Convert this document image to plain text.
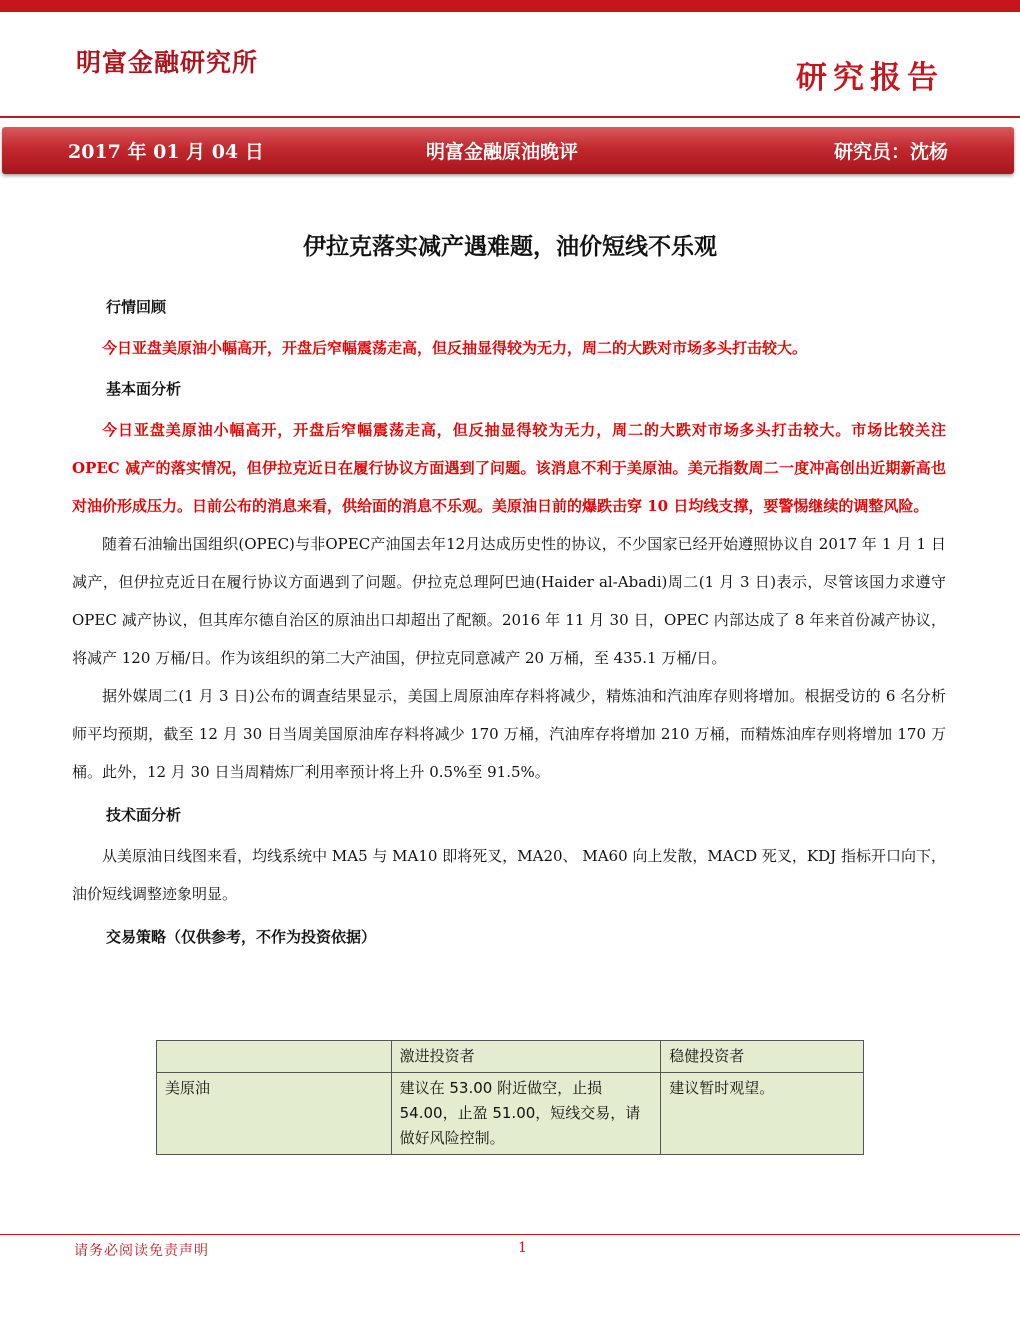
明富金融研究所	研究报告
2017 年 01 月 04 日	明富金融原油晚评	研究员：沈杨
伊拉克落实减产遇难题，油价短线不乐观
行情回顾

今日亚盘美原油小幅高开，开盘后窄幅震荡走高，但反抽显得较为无力，周二的大跌对市场多头打击较大。

基本面分析

今日亚盘美原油小幅高开，开盘后窄幅震荡走高，但反抽显得较为无力，周二的大跌对市场多头打击较大。市场比较关注 OPEC 减产的落实情况，但伊拉克近日在履行协议方面遇到了问题。该消息不利于美原油。美元指数周二一度冲高创出近期新高也对油价形成压力。日前公布的消息来看，供给面的消息不乐观。美原油日前的爆跌击穿 10 日均线支撑，要警惕继续的调整风险。

随着石油输出国组织(OPEC)与非OPEC产油国去年12月达成历史性的协议，不少国家已经开始遵照协议自 2017 年 1 月 1 日减产，但伊拉克近日在履行协议方面遇到了问题。伊拉克总理阿巴迪(Haider al-Abadi)周二(1 月 3 日)表示，尽管该国力求遵守 OPEC 减产协议，但其库尔德自治区的原油出口却超出了配额。2016 年 11 月 30 日，OPEC 内部达成了 8 年来首份减产协议，将减产 120 万桶/日。作为该组织的第二大产油国，伊拉克同意减产 20 万桶，至 435.1 万桶/日。

据外媒周二(1 月 3 日)公布的调查结果显示，美国上周原油库存料将减少，精炼油和汽油库存则将增加。根据受访的 6 名分析师平均预期，截至 12 月 30 日当周美国原油库存料将减少 170 万桶，汽油库存将增加 210 万桶，而精炼油库存则将增加 170 万桶。此外，12 月 30 日当周精炼厂利用率预计将上升 0.5%至 91.5%。

技术面分析

从美原油日线图来看，均线系统中 MA5 与 MA10 即将死叉，MA20、 MA60 向上发散，MACD 死叉，KDJ 指标开口向下，油价短线调整迹象明显。

交易策略（仅供参考，不作为投资依据）
	激进投资者	稳健投资者
美原油	建议在 53.00 附近做空，止损 54.00，止盈 51.00，短线交易，请做好风险控制。	建议暂时观望。
请务必阅读免责声明	1
